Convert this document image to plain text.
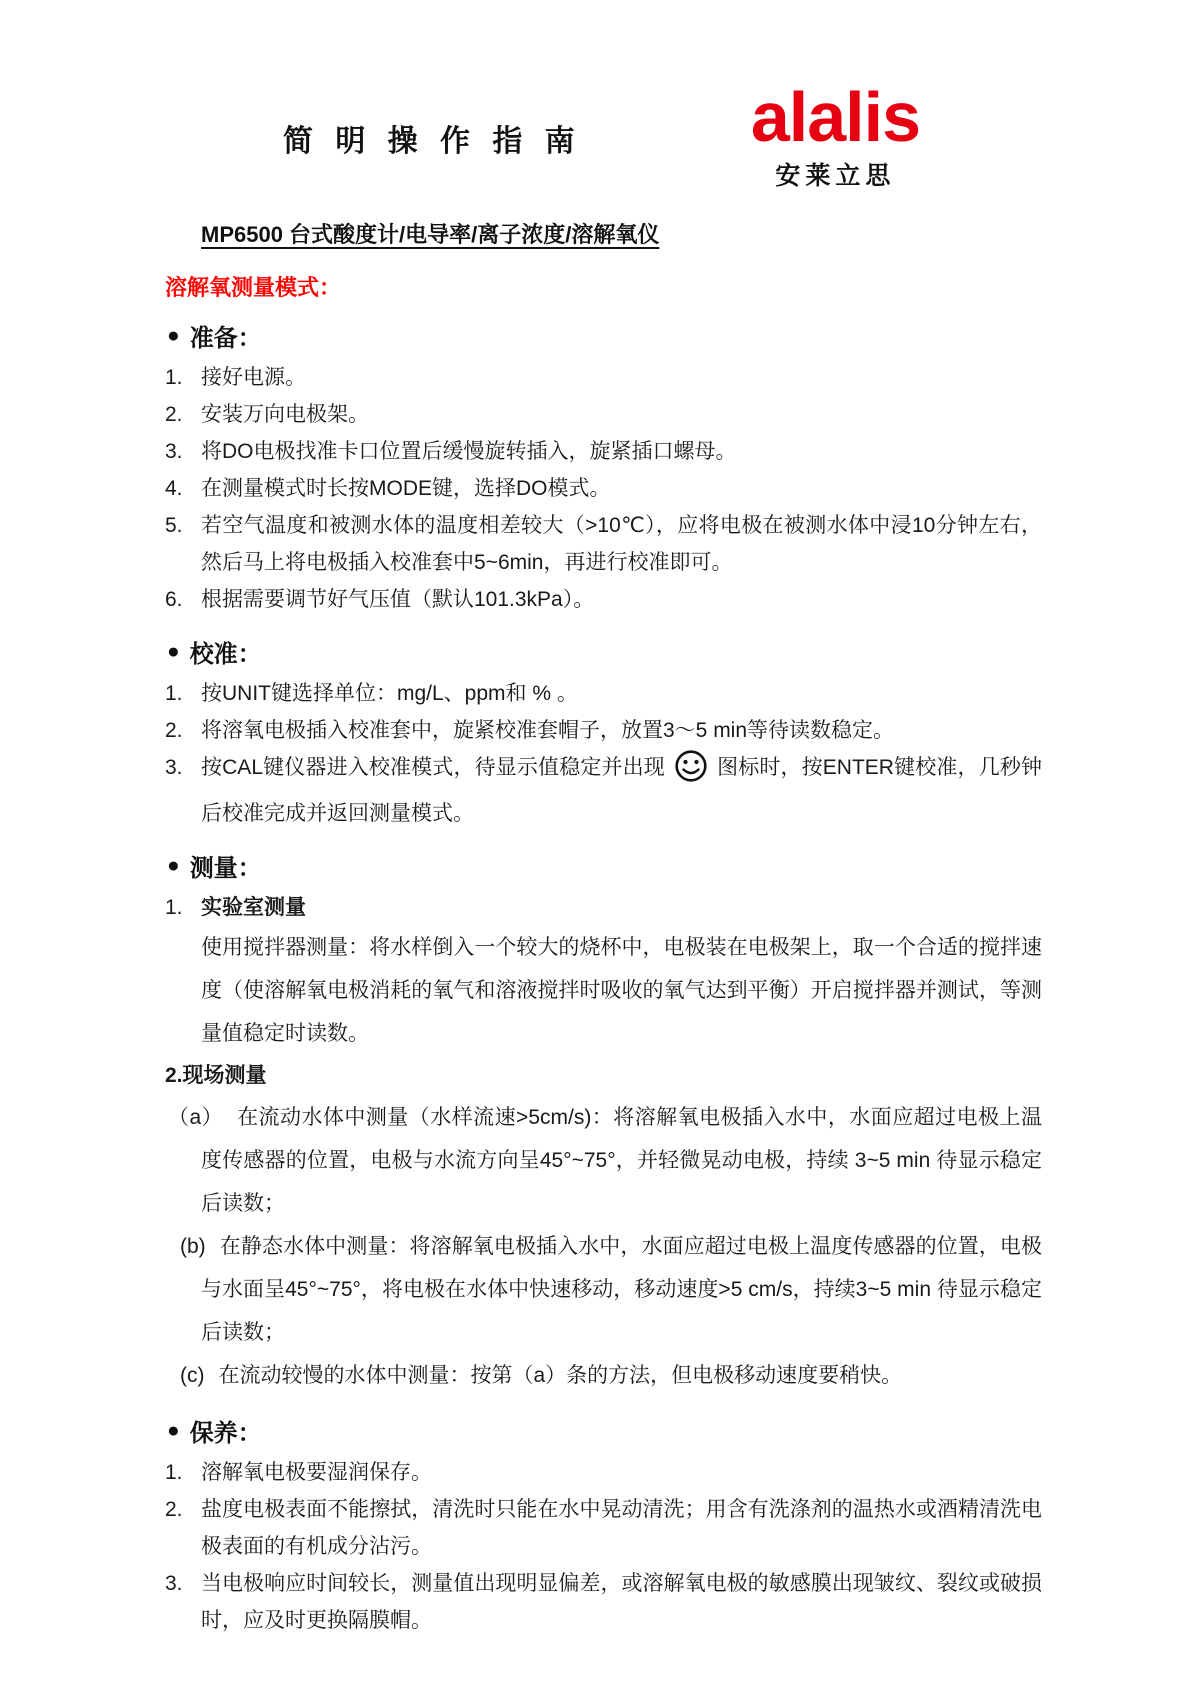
简 明 操 作 指 南 alalis
安莱立思
MP6500 台式酸度计/电导率/离子浓度/溶解氧仪
溶解氧测量模式：
● 准备：
1. 接好电源。
2. 安装万向电极架。
3. 将DO电极找准卡口位置后缓慢旋转插入，旋紧插口螺母。
4. 在测量模式时长按MODE键，选择DO模式。
5. 若空气温度和被测水体的温度相差较大（>10℃），应将电极在被测水体中浸10分钟左右，然后马上将电极插入校准套中5~6min，再进行校准即可。
6. 根据需要调节好气压值（默认101.3kPa）。
● 校准：
1. 按UNIT键选择单位：mg/L、ppm和 % 。
2. 将溶氧电极插入校准套中，旋紧校准套帽子，放置3～5 min等待读数稳定。
3. 按CAL键仪器进入校准模式，待显示值稳定并出现 图标时，按ENTER键校准，几秒钟后校准完成并返回测量模式。
● 测量：
1. 实验室测量

使用搅拌器测量：将水样倒入一个较大的烧杯中，电极装在电极架上，取一个合适的搅拌速度（使溶解氧电极消耗的氧气和溶液搅拌时吸收的氧气达到平衡）开启搅拌器并测试，等测量值稳定时读数。

2.现场测量

（a） 在流动水体中测量（水样流速>5cm/s)：将溶解氧电极插入水中，水面应超过电极上温度传感器的位置，电极与水流方向呈45°~75°，并轻微晃动电极，持续 3~5 min 待显示稳定后读数；

(b) 在静态水体中测量：将溶解氧电极插入水中，水面应超过电极上温度传感器的位置，电极与水面呈45°~75°，将电极在水体中快速移动，移动速度>5 cm/s，持续3~5 min 待显示稳定后读数；

(c) 在流动较慢的水体中测量：按第（a）条的方法，但电极移动速度要稍快。

● 保养：
1. 溶解氧电极要湿润保存。
2. 盐度电极表面不能擦拭，清洗时只能在水中晃动清洗；用含有洗涤剂的温热水或酒精清洗电极表面的有机成分沾污。
3. 当电极响应时间较长，测量值出现明显偏差，或溶解氧电极的敏感膜出现皱纹、裂纹或破损时，应及时更换隔膜帽。
